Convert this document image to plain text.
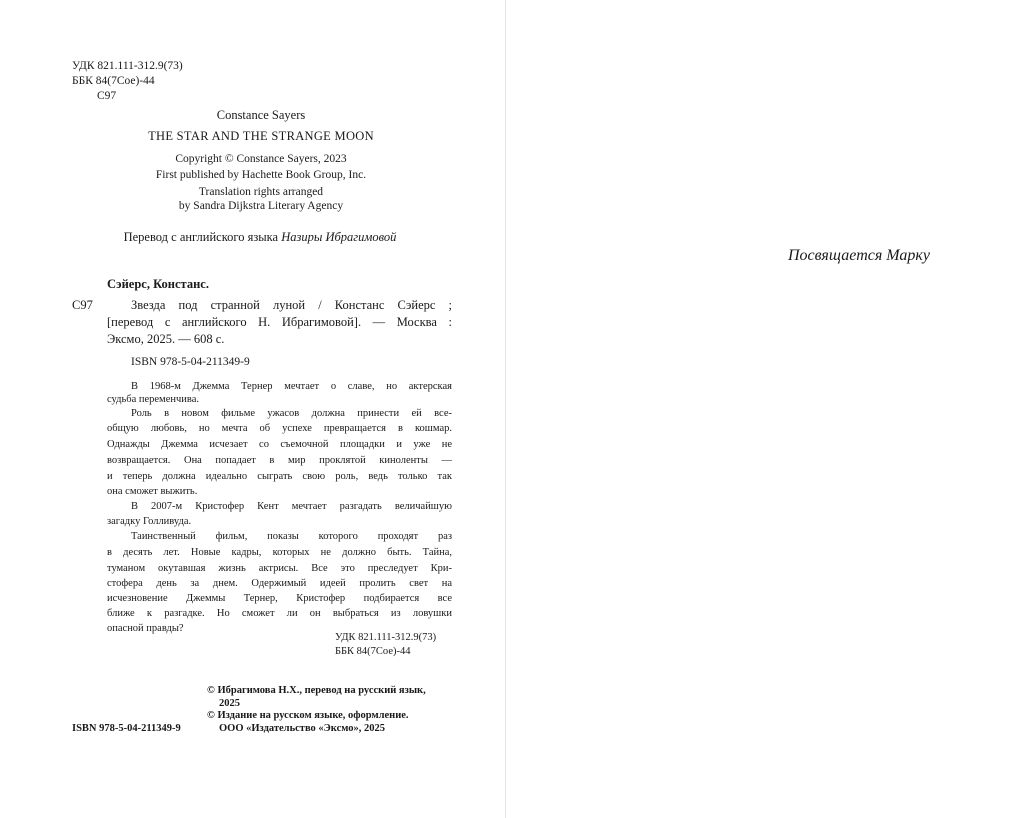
УДК 821.111-312.9(73)
ББК 84(7Сое)-44
С97
Constance Sayers
THE STAR AND THE STRANGE MOON
Copyright © Constance Sayers, 2023
First published by Hachette Book Group, Inc.
Translation rights arranged
by Sandra Dijkstra Literary Agency
Перевод с английского языка Назиры Ибрагимовой
Сэйерс, Констанс.
С97	Звезда под странной луной / Констанс Сэйерс ;
[перевод с английского Н. Ибрагимовой]. — Москва :
Эксмо, 2025. — 608 с.
ISBN 978-5-04-211349-9
В 1968-м Джемма Тернер мечтает о славе, но актерская
судьба переменчива.
Роль в новом фильме ужасов должна принести ей все-
общую любовь, но мечта об успехе превращается в кошмар.
Однажды Джемма исчезает со съемочной площадки и уже не
возвращается. Она попадает в мир проклятой киноленты —
и теперь должна идеально сыграть свою роль, ведь только так
она сможет выжить.
В 2007-м Кристофер Кент мечтает разгадать величайшую
загадку Голливуда.
Таинственный фильм, показы которого проходят раз
в десять лет. Новые кадры, которых не должно быть. Тайна,
туманом окутавшая жизнь актрисы. Все это преследует Кри-
стофера день за днем. Одержимый идеей пролить свет на
исчезновение Джеммы Тернер, Кристофер подбирается все
ближе к разгадке. Но сможет ли он выбраться из ловушки
опасной правды?
УДК 821.111-312.9(73)
ББК 84(7Сое)-44
© Ибрагимова Н.Х., перевод на русский язык,
2025
© Издание на русском языке, оформление.
ООО «Издательство «Эксмо», 2025
ISBN 978-5-04-211349-9
Посвящается Марку
